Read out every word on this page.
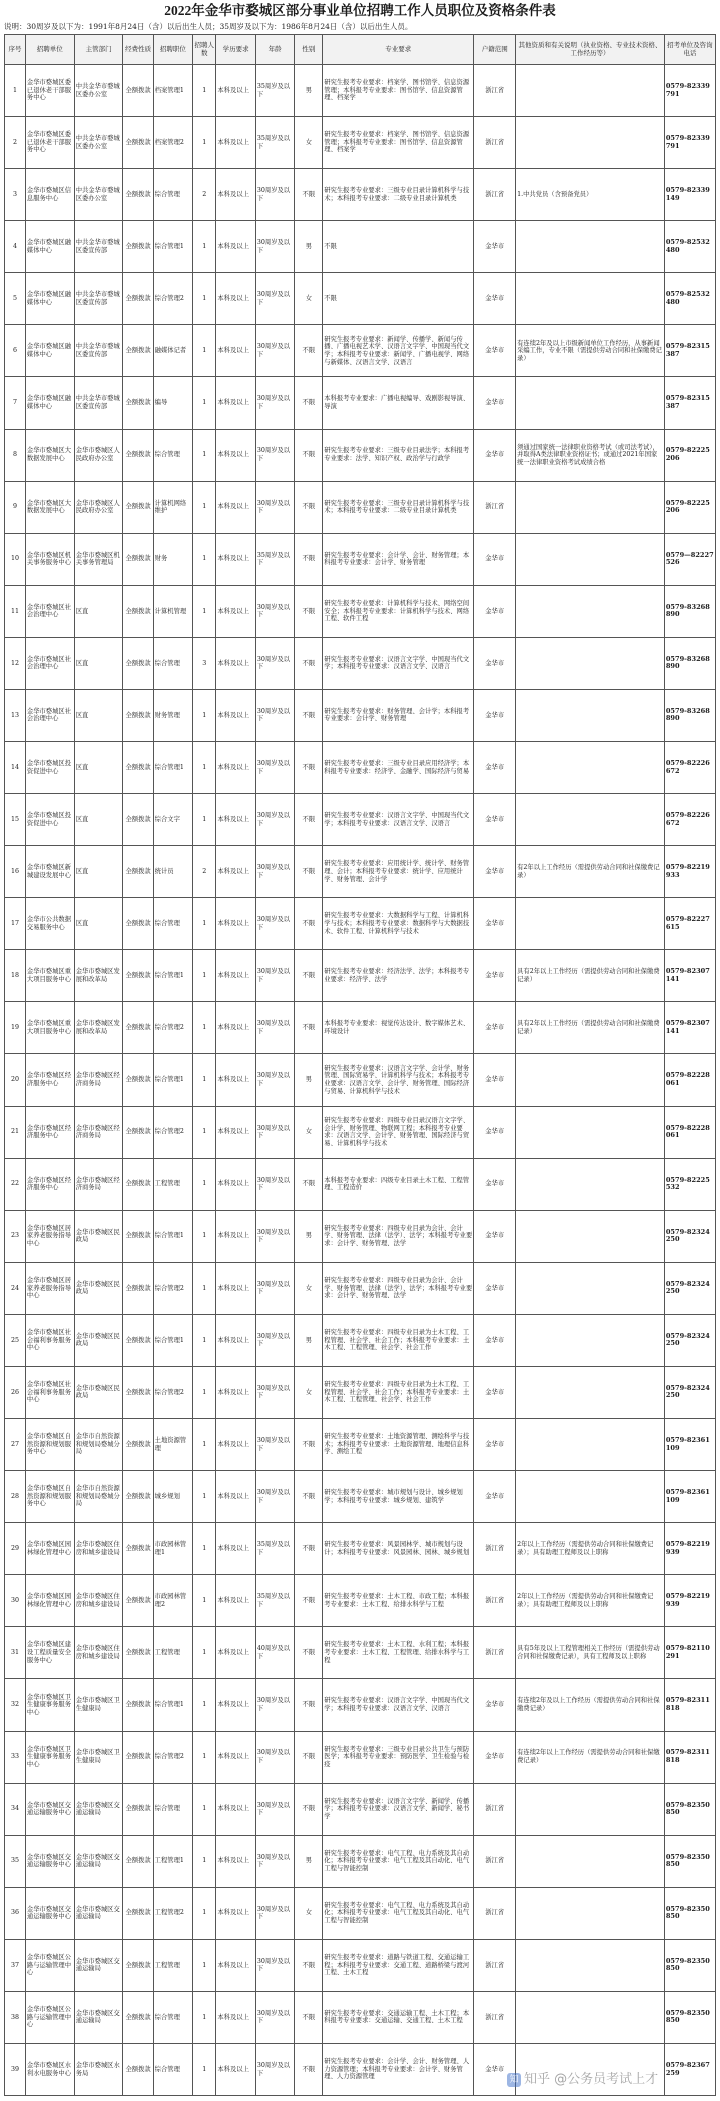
2022年金华市婺城区部分事业单位招聘工作人员职位及资格条件表
说明：30周岁及以下为：1991年8月24日（含）以后出生人员；35周岁及以下为：1986年8月24日（含）以后出生人员。
序号	招聘单位	主管部门	经费性质	招聘职位	招聘人数	学历要求	年龄	性别	专业要求	户籍范围	其他资质和有关说明（执业资格、专业技术资格、工作经历等）	招考单位及咨询电话
1	金华市婺城区委已退休老干部服务中心	中共金华市婺城区委办公室	全额拨款	档案管理1	1	本科及以上	35周岁及以下	男	研究生报考专业要求：档案学、图书馆学、信息资源管理；本科报考专业要求：图书馆学、信息资源管理、档案学	浙江省		0579-82339791
2	金华市婺城区委已退休老干部服务中心	中共金华市婺城区委办公室	全额拨款	档案管理2	1	本科及以上	35周岁及以下	女	研究生报考专业要求：档案学、图书馆学、信息资源管理；本科报考专业要求：图书馆学、信息资源管理、档案学	浙江省		0579-82339791
3	金华市婺城区信息服务中心	中共金华市婺城区委办公室	全额拨款	综合管理	2	本科及以上	30周岁及以下	不限	研究生报考专业要求：三级专业目录计算机科学与技术；本科报考专业要求：二级专业目录计算机类	浙江省	1.中共党员（含预备党员）	0579-82339149
4	金华市婺城区融媒体中心	中共金华市婺城区委宣传部	全额拨款	综合管理1	1	本科及以上	30周岁及以下	男	不限	金华市		0579-82532480
5	金华市婺城区融媒体中心	中共金华市婺城区委宣传部	全额拨款	综合管理2	1	本科及以上	30周岁及以下	女	不限	金华市		0579-82532480
6	金华市婺城区融媒体中心	中共金华市婺城区委宣传部	全额拨款	融媒体记者	1	本科及以上	30周岁及以下	不限	研究生报考专业要求：新闻学、传播学、新闻与传播、广播电视艺术学、汉语言文字学、中国现当代文学；本科报考专业要求：新闻学、广播电视学、网络与新媒体、汉语言文学、汉语言	金华市	有连续2年及以上市级新闻单位工作经历，从事新闻采编工作，专业不限（需提供劳动合同和社保缴费记录）	0579-82315387
7	金华市婺城区融媒体中心	中共金华市婺城区委宣传部	全额拨款	编导	1	本科及以上	30周岁及以下	不限	本科报考专业要求：广播电视编导、戏剧影视导演、导演	金华市		0579-82315387
8	金华市婺城区大数据发展中心	金华市婺城区人民政府办公室	全额拨款	综合管理	1	本科及以上	30周岁及以下	不限	研究生报考专业要求：三级专业目录法学；本科报考专业要求：法学、知识产权、政治学与行政学	金华市	须通过国家统一法律职业资格考试（或司法考试），并取得A类法律职业资格证书；或通过2021年国家统一法律职业资格考试成绩合格	0579-82225206
9	金华市婺城区大数据发展中心	金华市婺城区人民政府办公室	全额拨款	计算机网络维护	1	本科及以上	30周岁及以下	不限	研究生报考专业要求：三级专业目录计算机科学与技术；本科报考专业要求：二级专业目录计算机类	浙江省		0579-82225206
10	金华市婺城区机关事务服务中心	金华市婺城区机关事务管理局	全额拨款	财务	1	本科及以上	35周岁及以下	不限	研究生报考专业要求：会计学、会计、财务管理；本科报考专业要求：会计学、财务管理	金华市		0579—82227526
11	金华市婺城区社会治理中心	区直	全额拨款	计算机管理	1	本科及以上	30周岁及以下	不限	研究生报考专业要求：计算机科学与技术、网络空间安全；本科报考专业要求：计算机科学与技术、网络工程、软件工程	金华市		0579-83268890
12	金华市婺城区社会治理中心	区直	全额拨款	综合管理	3	本科及以上	30周岁及以下	不限	研究生报考专业要求：汉语言文字学、中国现当代文学；本科报考专业要求：汉语言文学、汉语言	金华市		0579-83268890
13	金华市婺城区社会治理中心	区直	全额拨款	财务管理	1	本科及以上	30周岁及以下	不限	研究生报考专业要求：财务管理、会计学；本科报考专业要求：会计学、财务管理	金华市		0579-83268890
14	金华市婺城区投资促进中心	区直	全额拨款	综合管理1	1	本科及以上	30周岁及以下	不限	研究生报考专业要求：三级专业目录应用经济学；本科报考专业要求：经济学、金融学、国际经济与贸易	金华市		0579-82226672
15	金华市婺城区投资促进中心	区直	全额拨款	综合文字	1	本科及以上	30周岁及以下	不限	研究生报考专业要求：汉语言文字学、中国现当代文学；本科报考专业要求：汉语言文学、汉语言	金华市		0579-82226672
16	金华市婺城区新城建设发展中心	区直	全额拨款	统计员	2	本科及以上	30周岁及以下	不限	研究生报考专业要求：应用统计学、统计学、财务管理、会计；本科报考专业要求：统计学、应用统计学、财务管理、会计学	金华市	有2年以上工作经历（需提供劳动合同和社保缴费记录）	0579-82219933
17	金华市公共数据交易服务中心	区直	全额拨款	综合管理	1	本科及以上	30周岁及以下	不限	研究生报考专业要求：大数据科学与工程、计算机科学与技术；本科报考专业要求：数据科学与大数据技术、软件工程、计算机科学与技术	金华市		0579-82227615
18	金华市婺城区重大项目服务中心	金华市婺城区发展和改革局	全额拨款	综合管理1	1	本科及以上	30周岁及以下	不限	研究生报考专业要求：经济法学、法学；本科报考专业要求：经济学、法学	金华市	具有2年以上工作经历（需提供劳动合同和社保缴费记录）	0579-82307141
19	金华市婺城区重大项目服务中心	金华市婺城区发展和改革局	全额拨款	综合管理2	1	本科及以上	30周岁及以下	不限	本科报考专业要求：视觉传达设计、数字媒体艺术、环境设计	金华市	具有2年以上工作经历（需提供劳动合同和社保缴费记录）	0579-82307141
20	金华市婺城区经济服务中心	金华市婺城区经济商务局	全额拨款	综合管理1	1	本科及以上	30周岁及以下	男	研究生报考专业要求：汉语言文字学、会计学、财务管理、国际贸易学、计算机科学与技术；本科报考专业要求：汉语言文学、会计学、财务管理、国际经济与贸易、计算机科学与技术	金华市		0579-82228061
21	金华市婺城区经济服务中心	金华市婺城区经济商务局	全额拨款	综合管理2	1	本科及以上	30周岁及以下	女	研究生报考专业要求：四级专业目录汉语言文字学、会计学、财务管理、物联网工程；本科报考专业要求：汉语言文学、会计学、财务管理、国际经济与贸易、计算机科学与技术	金华市		0579-82228061
22	金华市婺城区经济服务中心	金华市婺城区经济商务局	全额拨款	工程管理	1	本科及以上	30周岁及以下	不限	本科报考专业要求：四级专业目录土木工程、工程管理、工程造价	金华市		0579-82225532
23	金华市婺城区居家养老服务指导中心	金华市婺城区民政局	全额拨款	综合管理1	1	本科及以上	30周岁及以下	男	研究生报考专业要求：四级专业目录为会计、会计学、财务管理、法律（法学）、法学；本科报考专业要求：会计学、财务管理、法学	金华市		0579-82324250
24	金华市婺城区居家养老服务指导中心	金华市婺城区民政局	全额拨款	综合管理2	1	本科及以上	30周岁及以下	女	研究生报考专业要求：四级专业目录为会计、会计学、财务管理、法律（法学）、法学；本科报考专业要求：会计学、财务管理、法学	金华市		0579-82324250
25	金华市婺城区社会福利事务服务中心	金华市婺城区民政局	全额拨款	综合管理1	1	本科及以上	30周岁及以下	男	研究生报考专业要求：四级专业目录为土木工程、工程管理、社会学、社会工作；本科报考专业要求：土木工程、工程管理、社会学、社会工作	金华市		0579-82324250
26	金华市婺城区社会福利事务服务中心	金华市婺城区民政局	全额拨款	综合管理2	1	本科及以上	30周岁及以下	女	研究生报考专业要求：四级专业目录为土木工程、工程管理、社会学、社会工作；本科报考专业要求：土木工程、工程管理、社会学、社会工作	金华市		0579-82324250
27	金华市婺城区自然资源和规划服务中心	金华市自然资源和规划局婺城分局	全额拨款	土地资源管理	1	本科及以上	30周岁及以下	不限	研究生报考专业要求：土地资源管理、测绘科学与技术；本科报考专业要求：土地资源管理、地理信息科学、测绘工程	金华市		0579-82361109
28	金华市婺城区自然资源和规划服务中心	金华市自然资源和规划局婺城分局	全额拨款	城乡规划	1	本科及以上	30周岁及以下	不限	研究生报考专业要求：城市规划与设计、城乡规划学；本科报考专业要求：城乡规划、建筑学	金华市		0579-82361109
29	金华市婺城区园林绿化管理中心	金华市婺城区住房和城乡建设局	全额拨款	市政园林管理1	1	本科及以上	35周岁及以下	不限	研究生报考专业要求：风景园林学、城市规划与设计；本科报考专业要求：风景园林、园林、城乡规划	浙江省	2年以上工作经历（需提供劳动合同和社保缴费记录）；具有助理工程师及以上职称	0579-82219939
30	金华市婺城区园林绿化管理中心	金华市婺城区住房和城乡建设局	全额拨款	市政园林管理2	1	本科及以上	35周岁及以下	不限	研究生报考专业要求：土木工程、市政工程；本科报考专业要求：土木工程、给排水科学与工程	浙江省	2年以上工作经历（需提供劳动合同和社保缴费记录）；具有助理工程师及以上职称	0579-82219939
31	金华市婺城区建设工程质量安全服务中心	金华市婺城区住房和城乡建设局	全额拨款	工程管理	1	本科及以上	40周岁及以下	不限	研究生报考专业要求：土木工程、水利工程；本科报考专业要求：土木工程、工程管理、给排水科学与工程	浙江省	具有5年及以上工程管理相关工作经历（需提供劳动合同和社保缴费记录），具有工程师及以上职称	0579-82110291
32	金华市婺城区卫生健康事务服务中心	金华市婺城区卫生健康局	全额拨款	综合管理1	1	本科及以上	30周岁及以下	不限	研究生报考专业要求：汉语言文字学、中国现当代文学；本科报考专业要求：汉语言文学、汉语言	金华市	有连续2年及以上工作经历（需提供劳动合同和社保缴费记录）	0579-82311818
33	金华市婺城区卫生健康事务服务中心	金华市婺城区卫生健康局	全额拨款	综合管理2	1	本科及以上	30周岁及以下	不限	研究生报考专业要求：三级专业目录公共卫生与预防医学；本科报考专业要求：预防医学、卫生检验与检疫	金华市	有连续2年以上工作经历（需提供劳动合同和社保缴费记录）	0579-82311818
34	金华市婺城区交通运输服务中心	金华市婺城区交通运输局	全额拨款	综合管理	1	本科及以上	30周岁及以下	不限	研究生报考专业要求：汉语言文字学、新闻学、传播学；本科报考专业要求：汉语言文学、新闻学、秘书学	浙江省		0579-82350850
35	金华市婺城区交通运输服务中心	金华市婺城区交通运输局	全额拨款	工程管理1	1	本科及以上	30周岁及以下	男	研究生报考专业要求：电气工程、电力系统及其自动化；本科报考专业要求：电气工程及其自动化、电气工程与智能控制	浙江省		0579-82350850
36	金华市婺城区交通运输服务中心	金华市婺城区交通运输局	全额拨款	工程管理2	1	本科及以上	30周岁及以下	女	研究生报考专业要求：电气工程、电力系统及其自动化；本科报考专业要求：电气工程及其自动化、电气工程与智能控制	浙江省		0579-82350850
37	金华市婺城区公路与运输管理中心	金华市婺城区交通运输局	全额拨款	工程管理	1	本科及以上	30周岁及以下	不限	研究生报考专业要求：道路与铁道工程、交通运输工程；本科报考专业要求：交通工程、道路桥梁与渡河工程、土木工程	浙江省		0579-82350850
38	金华市婺城区公路与运输管理中心	金华市婺城区交通运输局	全额拨款	综合管理	1	本科及以上	30周岁及以下	不限	研究生报考专业要求：交通运输工程、土木工程；本科报考专业要求：交通运输、交通工程、土木工程	浙江省		0579-82350850
39	金华市婺城区水利水电服务中心	金华市婺城区水务局	全额拨款	综合管理	1	本科及以上	30周岁及以下	不限	研究生报考专业要求：会计学、会计、财务管理、人力资源管理；本科报考专业要求：会计学、财务管理、人力资源管理	金华市		0579-82367259
知 知乎 @公务员考试上才
